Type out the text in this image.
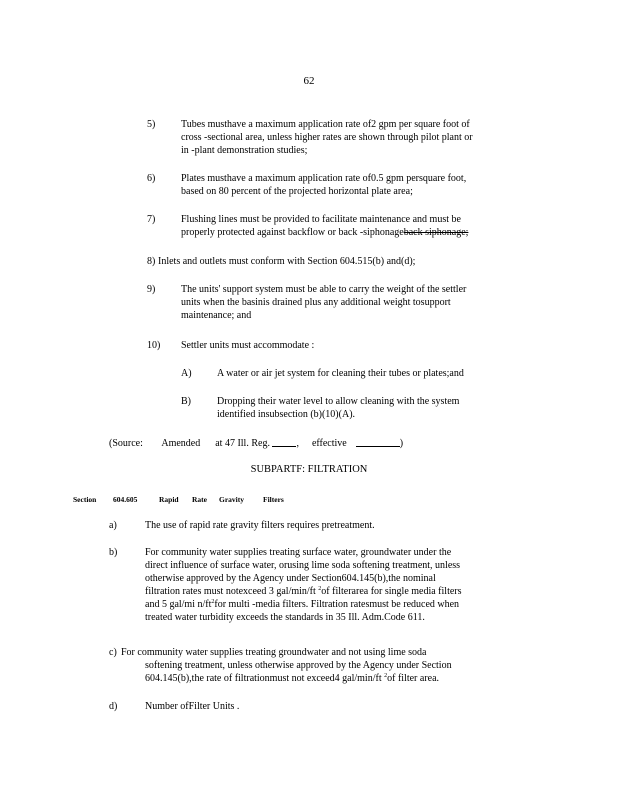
62
5)	Tubes musthave a maximum application rate of2 gpm per square foot of
cross -sectional area, unless higher rates are shown through pilot plant or
in -plant demonstration studies;
6)	Plates musthave a maximum application rate of0.5 gpm persquare foot,
based on 80 percent of the projected horizontal plate area;
7)	Flushing lines must be provided to facilitate maintenance and must be
properly protected against backflow or back -siphonageback siphonage;
8) Inlets and outlets must conform with Section 604.515(b) and(d);
9)	The units' support system must be able to carry the weight of the settler
units when the basinis drained plus any additional weight tosupport
maintenance; and
10) Settler units must accommodate :
A)	A water or air jet system for cleaning their tubes or plates;and
B)	Dropping their water level to allow cleaning with the system
identified insubsection (b)(10)(A).
(Source: Amended at 47 Ill. Reg.	, effective	)
SUBPARTF: FILTRATION
Section 604.605	Rapid Rate Gravity	Filters
a)	The use of rapid rate gravity filters requires pretreatment.
b)	For community water supplies treating surface water, groundwater under the
direct influence of surface water, orusing lime soda softening treatment, unless
otherwise approved by the Agency under Section604.145(b),the nominal
filtration rates must notexceed 3 gal/min/ft $^2$of filterarea for single media filters
and 5 gal/mi $n/ft^2for$ multi -media filters. Filtration ratesmust be reduced when
treated water turbidity exceeds the standards in 35 Ill. Adm.Code 611.
c) For community water supplies treating groundwater and not using lime soda
softening treatment, unless otherwise approved by the Agency under Section
604.145(b),the rate of filtrationmust not exceed4 gal/min/ft $^2$of filter area.
d)	Number ofFilter Units .
